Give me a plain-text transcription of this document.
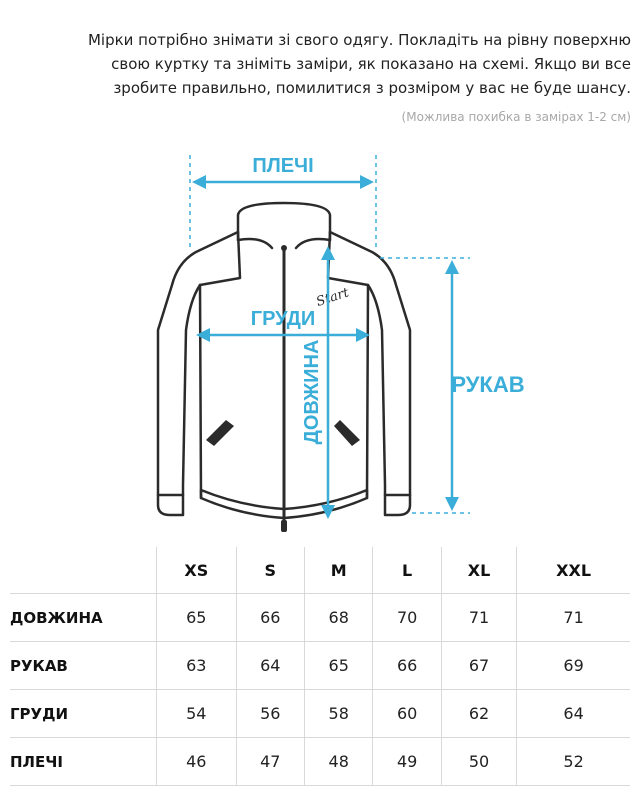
Мірки потрібно знімати зі свого одягу. Покладіть на рівну поверхню
свою куртку та зніміть заміри, як показано на схемі. Якщо ви все
зробите правильно, помилитися з розміром у вас не буде шансу.
(Можлива похибка в замірах 1-2 см)
Start
ПЛЕЧІ
ГРУДИ
ДОВЖИНА	РУКАВ
	XS	S	M	L	XL	XXL
ДОВЖИНА	65	66	68	70	71	71
РУКАВ	63	64	65	66	67	69
ГРУДИ	54	56	58	60	62	64
ПЛЕЧІ	46	47	48	49	50	52
